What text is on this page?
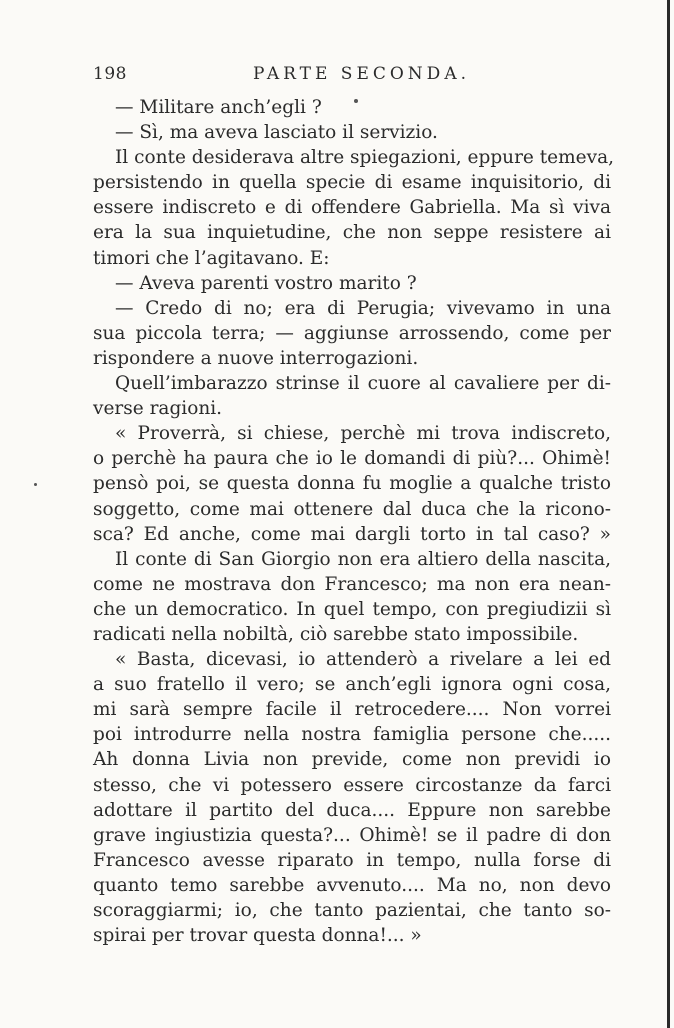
198	PARTE SECONDA.
— Militare anch’egli ?
— Sì, ma aveva lasciato il servizio.
Il conte desiderava altre spiegazioni, eppure temeva,
persistendo in quella specie di esame inquisitorio, di
essere indiscreto e di offendere Gabriella. Ma sì viva
era la sua inquietudine, che non seppe resistere ai
timori che l’agitavano. E:
— Aveva parenti vostro marito ?
— Credo di no; era di Perugia; vivevamo in una
sua piccola terra; — aggiunse arrossendo, come per
rispondere a nuove interrogazioni.
Quell’imbarazzo strinse il cuore al cavaliere per di-
verse ragioni.
« Proverrà, si chiese, perchè mi trova indiscreto,
o perchè ha paura che io le domandi di più?... Ohimè!
pensò poi, se questa donna fu moglie a qualche tristo
soggetto, come mai ottenere dal duca che la ricono-
sca? Ed anche, come mai dargli torto in tal caso? »
Il conte di San Giorgio non era altiero della nascita,
come ne mostrava don Francesco; ma non era nean-
che un democratico. In quel tempo, con pregiudizii sì
radicati nella nobiltà, ciò sarebbe stato impossibile.
« Basta, dicevasi, io attenderò a rivelare a lei ed
a suo fratello il vero; se anch’egli ignora ogni cosa,
mi sarà sempre facile il retrocedere.... Non vorrei
poi introdurre nella nostra famiglia persone che.....
Ah donna Livia non previde, come non previdi io
stesso, che vi potessero essere circostanze da farci
adottare il partito del duca.... Eppure non sarebbe
grave ingiustizia questa?... Ohimè! se il padre di don
Francesco avesse riparato in tempo, nulla forse di
quanto temo sarebbe avvenuto.... Ma no, non devo
scoraggiarmi; io, che tanto pazientai, che tanto so-
spirai per trovar questa donna!... »
